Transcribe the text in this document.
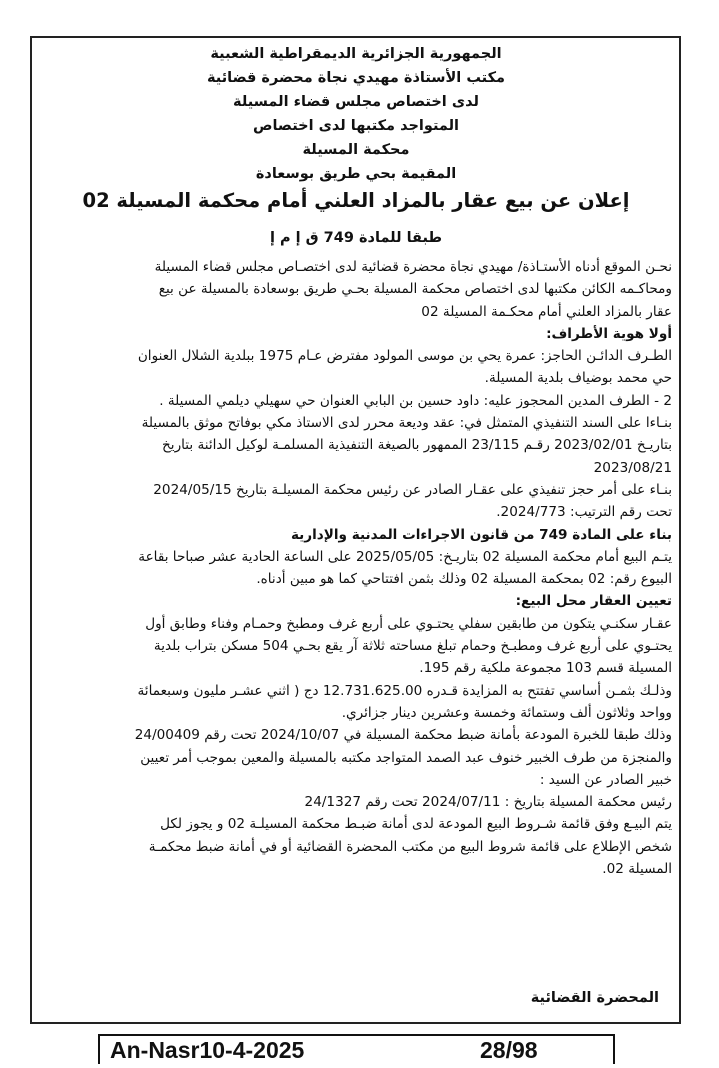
الجمهورية الجزائرية الديمقراطية الشعبية
مكتب الأستاذة مهيدي نجاة محضرة قضائية
لدى اختصاص مجلس قضاء المسيلة
المتواجد مكتبها لدى اختصاص
محكمة المسيلة
المقيمة بحي طريق بوسعادة
إعلان عن بيع عقار بالمزاد العلني أمام محكمة المسيلة 02
طبقا للمادة 749 ق إ م إ
نحـن الموقع أدناه الأستـاذة/ مهيدي نجاة محضرة قضائية لدى اختصـاص مجلس قضاء المسيلة
ومحاكـمه الكائن مكتبها لدى اختصاص محكمة المسيلة بحـي طريق بوسعادة بالمسيلة عن بيع
عقار بالمزاد العلني أمام محكـمة المسيلة 02
أولا هوية الأطراف:
الطـرف الدائـن الحاجز: عمرة يحي بن موسى المولود مفترض عـام 1975 ببلدية الشلال العنوان
حي محمد بوضياف بلدية المسيلة.
2 - الطرف المدين المحجوز عليه: داود حسين بن البابي العنوان حي سهيلي ديلمي المسيلة .
بنـاءا على السند التنفيذي المتمثل في: عقد وديعة محرر لدى الاستاذ مكي بوفاتح موثق بالمسيلة
بتاريـخ 2023/02/01 رقـم 23/115 الممهور بالصيغة التنفيذية المسلمـة لوكيل الدائنة بتاريخ
2023/08/21
بنـاء على أمر حجز تنفيذي على عقـار الصادر عن رئيس محكمة المسيلـة بتاريخ 2024/05/15
تحت رقم الترتيب: 2024/773.
بناء على المادة 749 من قانون الاجراءات المدنية والإدارية
يتـم البيع أمام محكمة المسيلة 02 بتاريـخ: 2025/05/05 على الساعة الحادية عشر صباحا بقاعة
البيوع رقم: 02 بمحكمة المسيلة 02 وذلك بثمن افتتاحي كما هو مبين أدناه.
تعيين العقار محل البيع:
عقـار سكنـي يتكون من طابقين سفلي يحتـوي على أربع غرف ومطبخ وحمـام وفناء وطابق أول
يحتـوي على أربع غرف ومطبـخ وحمام تبلغ مساحته ثلاثة آر يقع بحـي 504 مسكن بتراب بلدية
المسيلة قسم 103 مجموعة ملكية رقم 195.
وذلـك بثمـن أساسي تفتتح به المزايدة قـدره 12.731.625.00 دج ( اثني عشـر مليون وسبعمائة
وواحد وثلاثون ألف وستمائة وخمسة وعشرين دينار جزائري.
وذلك طبقا للخبرة المودعة بأمانة ضبط محكمة المسيلة في 2024/10/07 تحت رقم 24/00409
والمنجزة من طرف الخبير خنوف عبد الصمد المتواجد مكتبه بالمسيلة والمعين بموجب أمر تعيين
خبير الصادر عن السيد :
رئيس محكمة المسيلة بتاريخ : 2024/07/11 تحت رقم 24/1327
يتم البيـع وفق قائمة شـروط البيع المودعة لدى أمانة ضبـط محكمة المسيلـة 02 و يجوز لكل
شخص الإطلاع على قائمة شروط البيع من مكتب المحضرة القضائية أو في أمانة ضبط محكمـة
المسيلة 02.
المحضرة القضائية
An-Nasr10-4-2025	28/98
